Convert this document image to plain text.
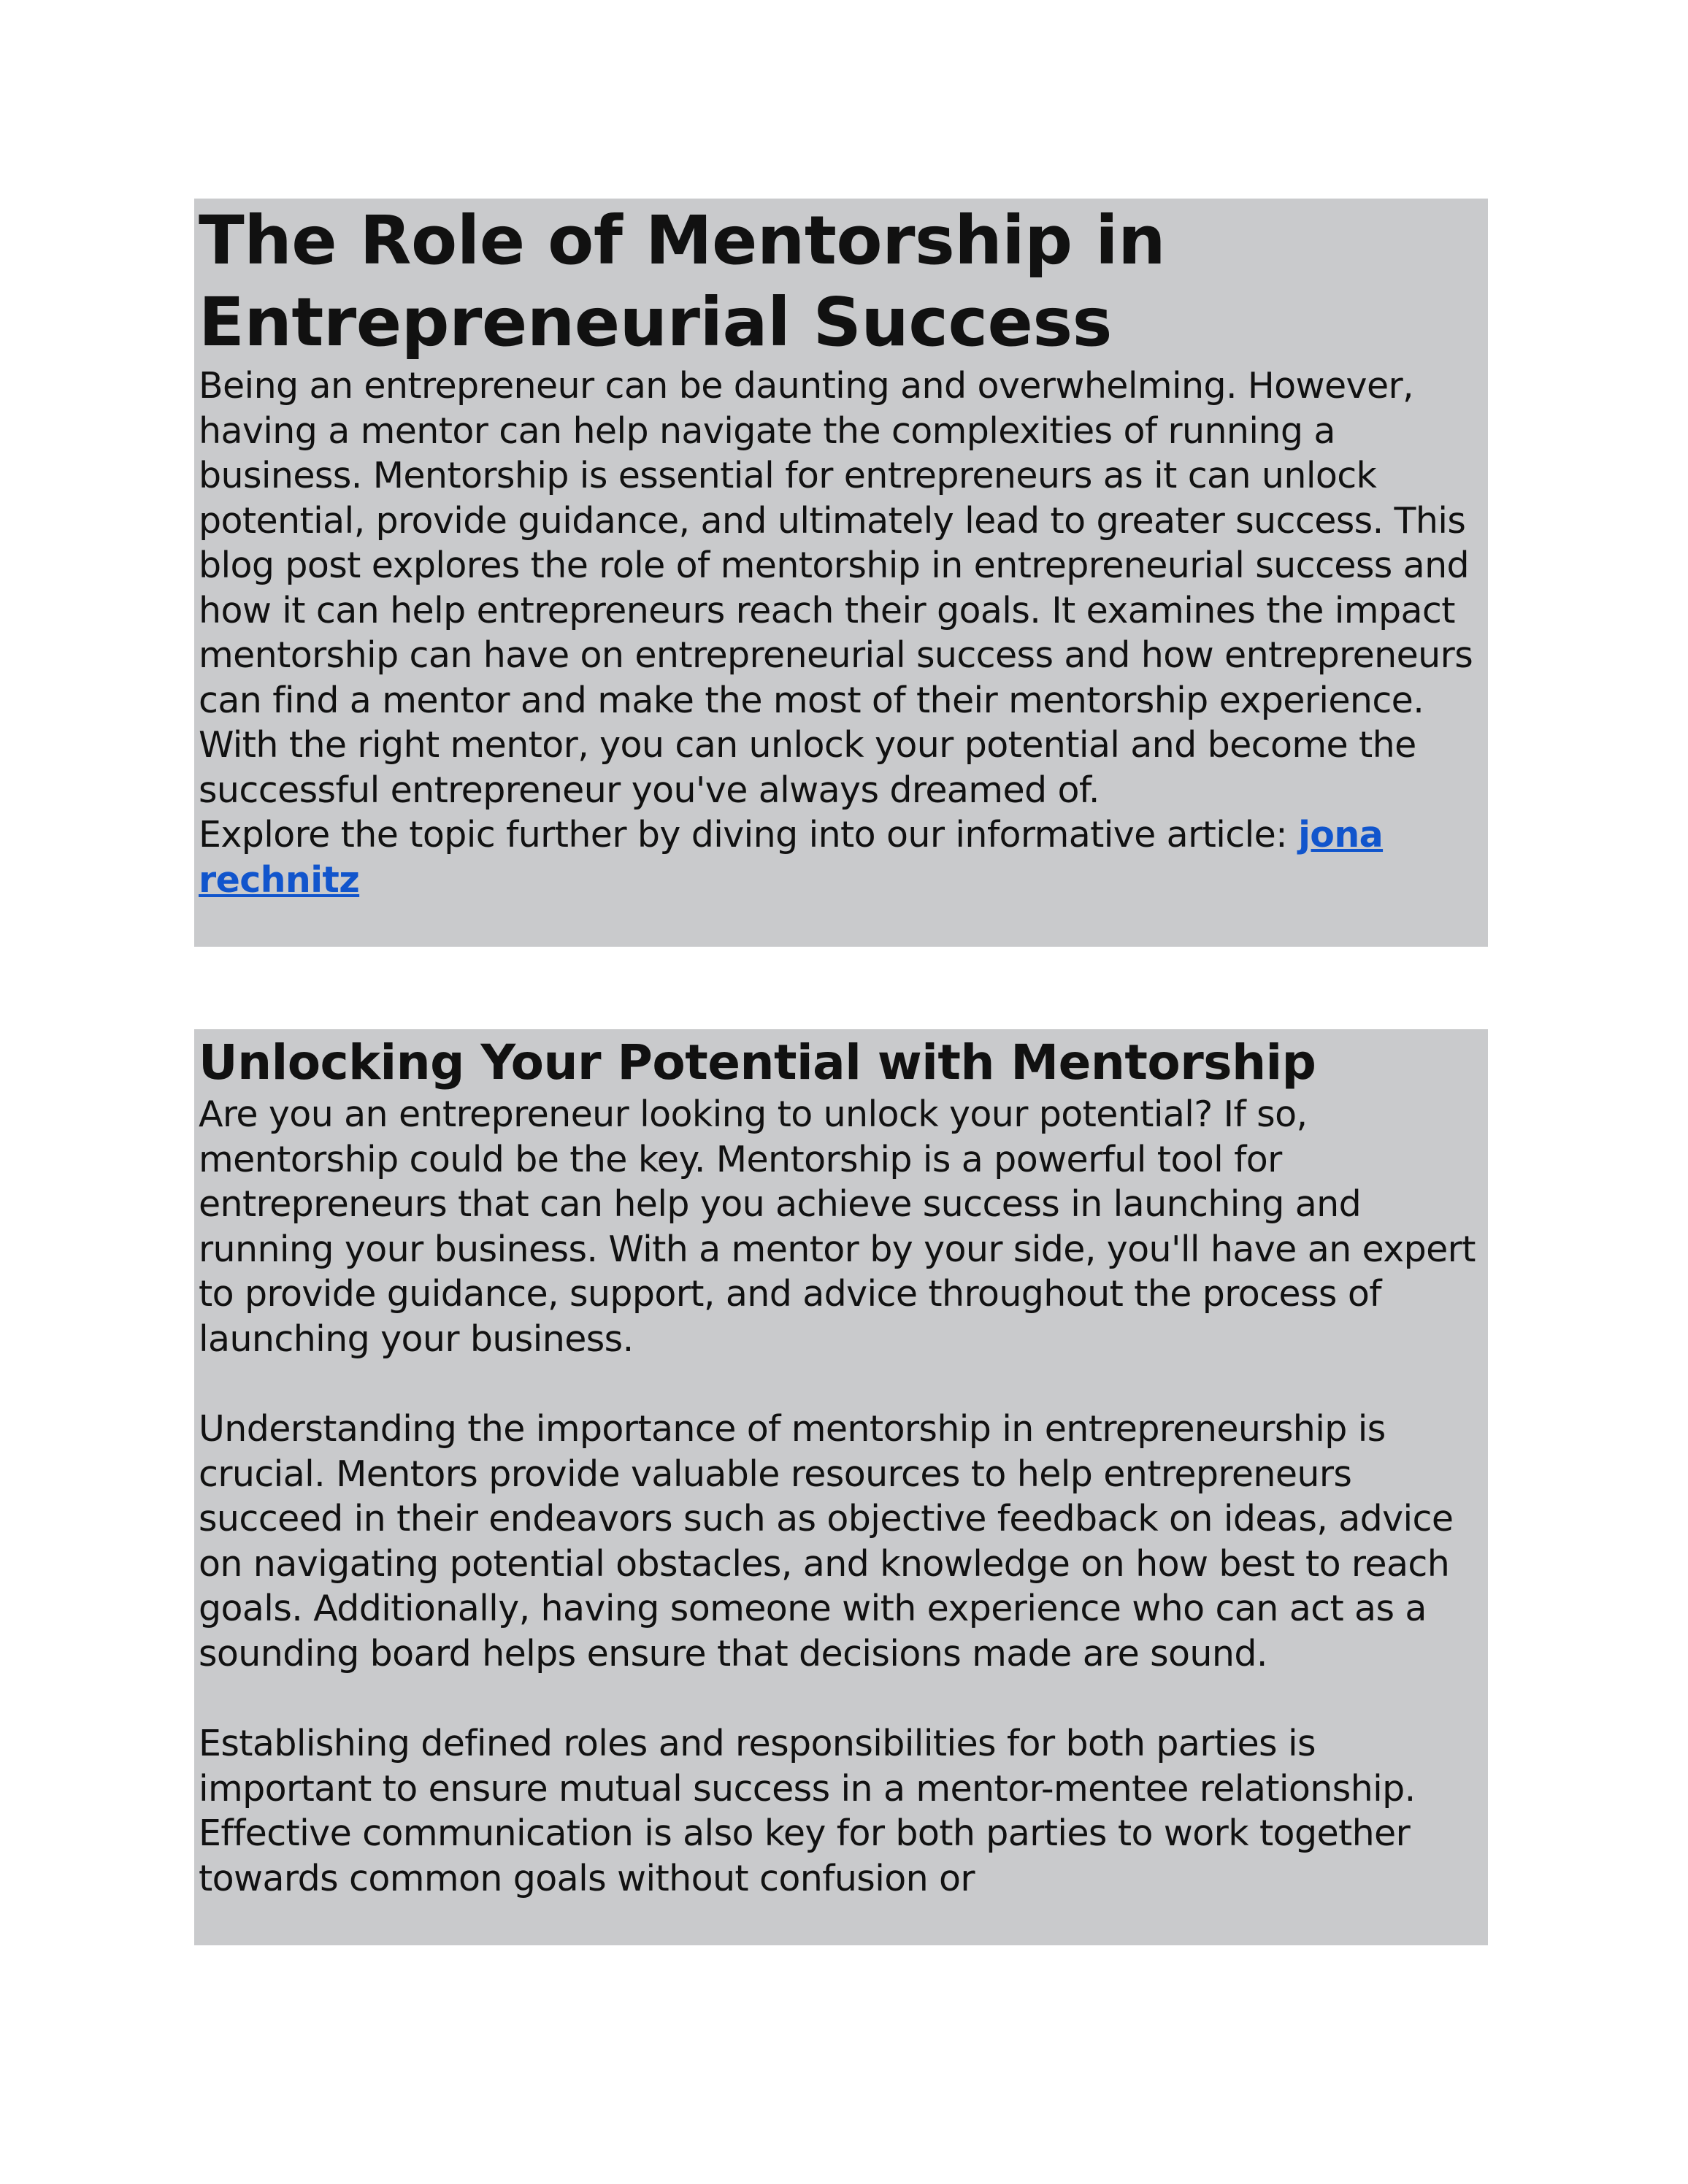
The Role of Mentorship in Entrepreneurial Success

Being an entrepreneur can be daunting and overwhelming. However, having a mentor can help navigate the complexities of running a business. Mentorship is essential for entrepreneurs as it can unlock potential, provide guidance, and ultimately lead to greater success. This blog post explores the role of mentorship in entrepreneurial success and how it can help entrepreneurs reach their goals. It examines the impact mentorship can have on entrepreneurial success and how entrepreneurs can find a mentor and make the most of their mentorship experience. With the right mentor, you can unlock your potential and become the successful entrepreneur you've always dreamed of.

Explore the topic further by diving into our informative article: jona rechnitz

Unlocking Your Potential with Mentorship

Are you an entrepreneur looking to unlock your potential? If so, mentorship could be the key. Mentorship is a powerful tool for entrepreneurs that can help you achieve success in launching and running your business. With a mentor by your side, you'll have an expert to provide guidance, support, and advice throughout the process of launching your business.

Understanding the importance of mentorship in entrepreneurship is crucial. Mentors provide valuable resources to help entrepreneurs succeed in their endeavors such as objective feedback on ideas, advice on navigating potential obstacles, and knowledge on how best to reach goals. Additionally, having someone with experience who can act as a sounding board helps ensure that decisions made are sound.

Establishing defined roles and responsibilities for both parties is important to ensure mutual success in a mentor-mentee relationship. Effective communication is also key for both parties to work together towards common goals without confusion or
